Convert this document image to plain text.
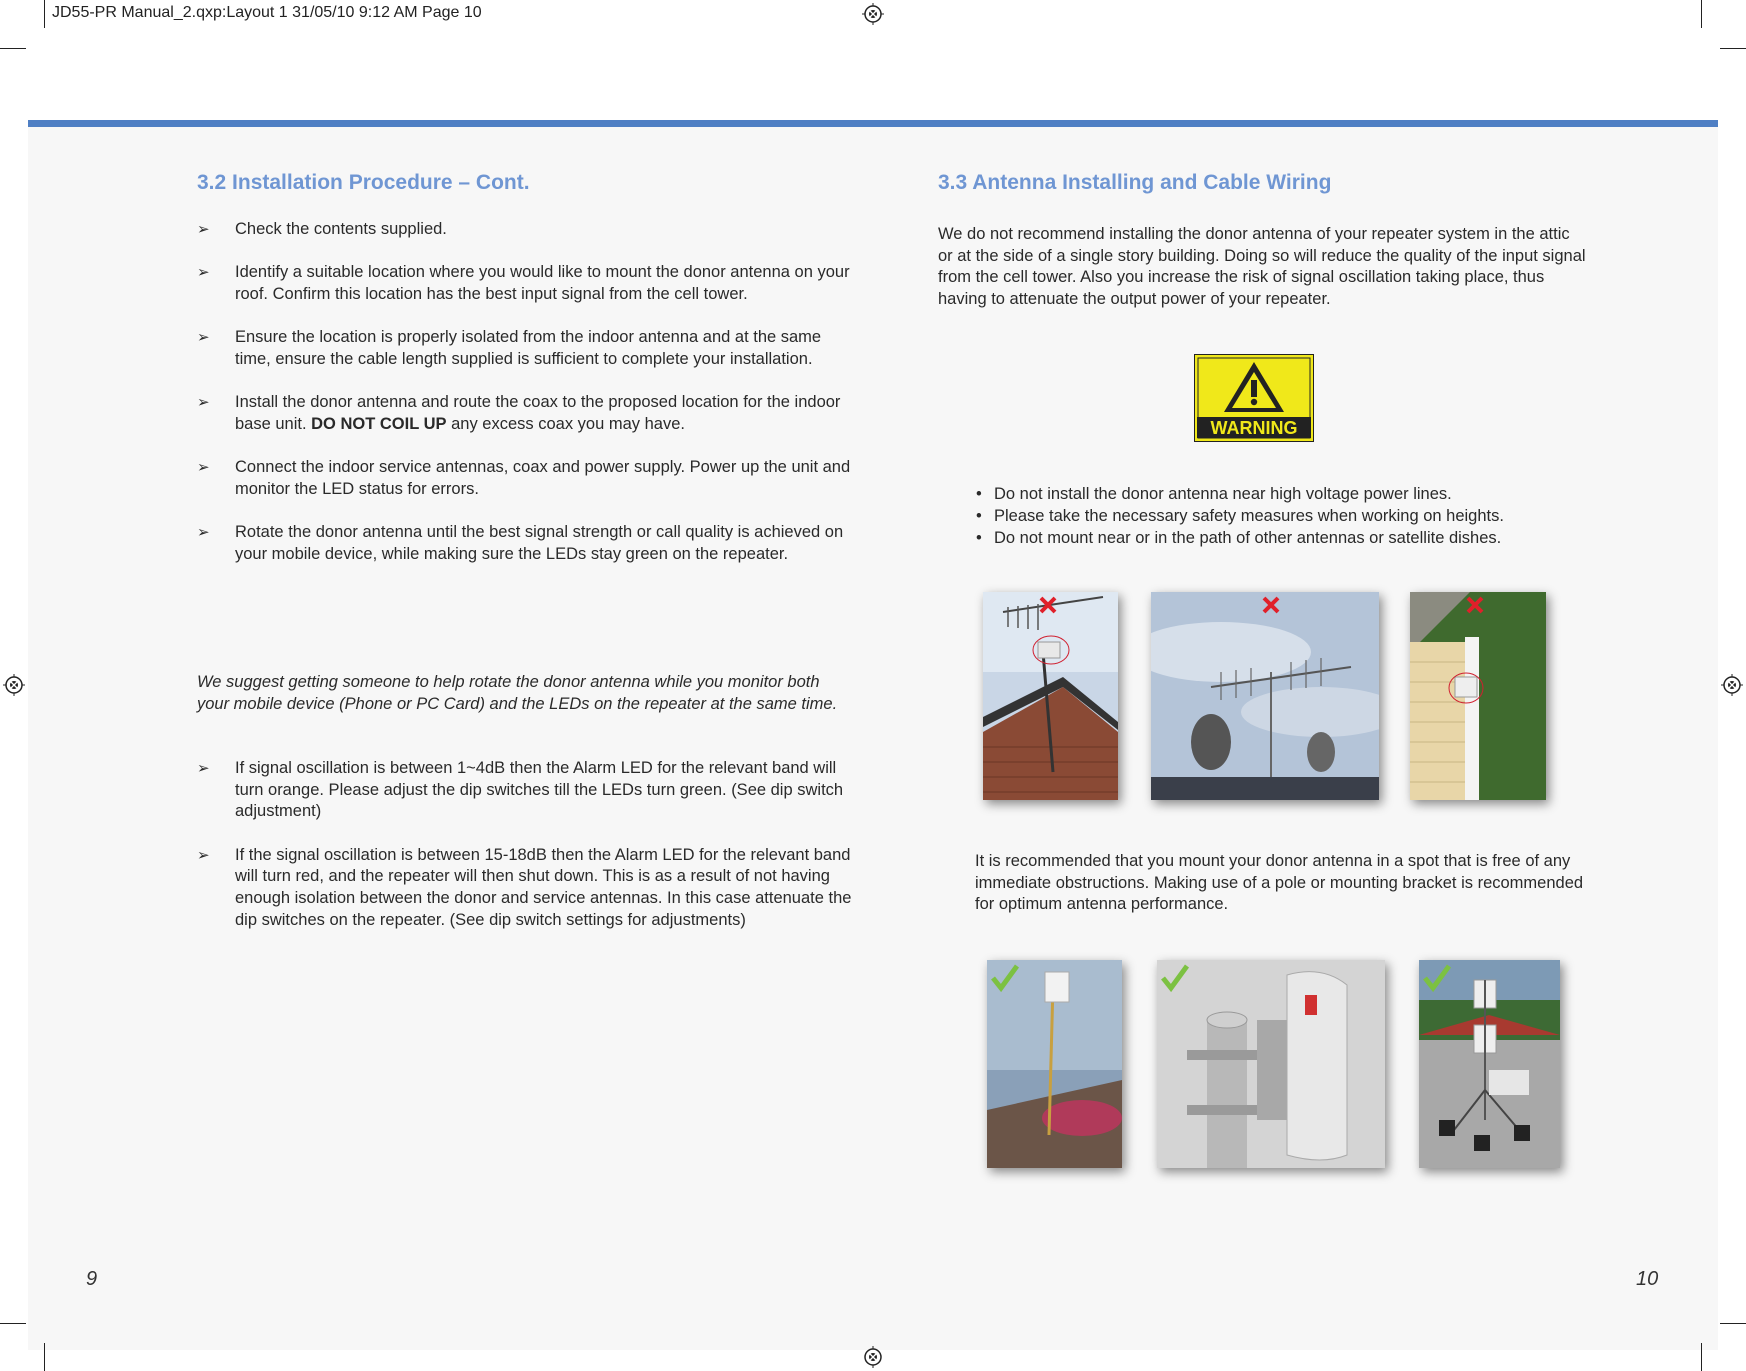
JD55-PR Manual_2.qxp:Layout 1 31/05/10 9:12 AM Page 10
3.2 Installation Procedure – Cont.
➢ Check the contents supplied.
➢ Identify a suitable location where you would like to mount the donor antenna on your roof. Confirm this location has the best input signal from the cell tower.
➢ Ensure the location is properly isolated from the indoor antenna and at the same time, ensure the cable length supplied is sufficient to complete your installation.
➢ Install the donor antenna and route the coax to the proposed location for the indoor base unit. DO NOT COIL UP any excess coax you may have.
➢ Connect the indoor service antennas, coax and power supply. Power up the unit and monitor the LED status for errors.
➢ Rotate the donor antenna until the best signal strength or call quality is achieved on your mobile device, while making sure the LEDs stay green on the repeater.
We suggest getting someone to help rotate the donor antenna while you monitor both your mobile device (Phone or PC Card) and the LEDs on the repeater at the same time.
➢ If signal oscillation is between 1~4dB then the Alarm LED for the relevant band will turn orange. Please adjust the dip switches till the LEDs turn green. (See dip switch adjustment)
➢ If the signal oscillation is between 15-18dB then the Alarm LED for the relevant band will turn red, and the repeater will then shut down. This is as a result of not having enough isolation between the donor and service antennas. In this case attenuate the dip switches on the repeater. (See dip switch settings for adjustments)
9
3.3 Antenna Installing and Cable Wiring
We do not recommend installing the donor antenna of your repeater system in the attic or at the side of a single story building. Doing so will reduce the quality of the input signal from the cell tower. Also you increase the risk of signal oscillation taking place, thus having to attenuate the output power of your repeater.
WARNING
• Do not install the donor antenna near high voltage power lines.
• Please take the necessary safety measures when working on heights.
• Do not mount near or in the path of other antennas or satellite dishes.
It is recommended that you mount your donor antenna in a spot that is free of any immediate obstructions. Making use of a pole or mounting bracket is recommended for optimum antenna performance.
10
